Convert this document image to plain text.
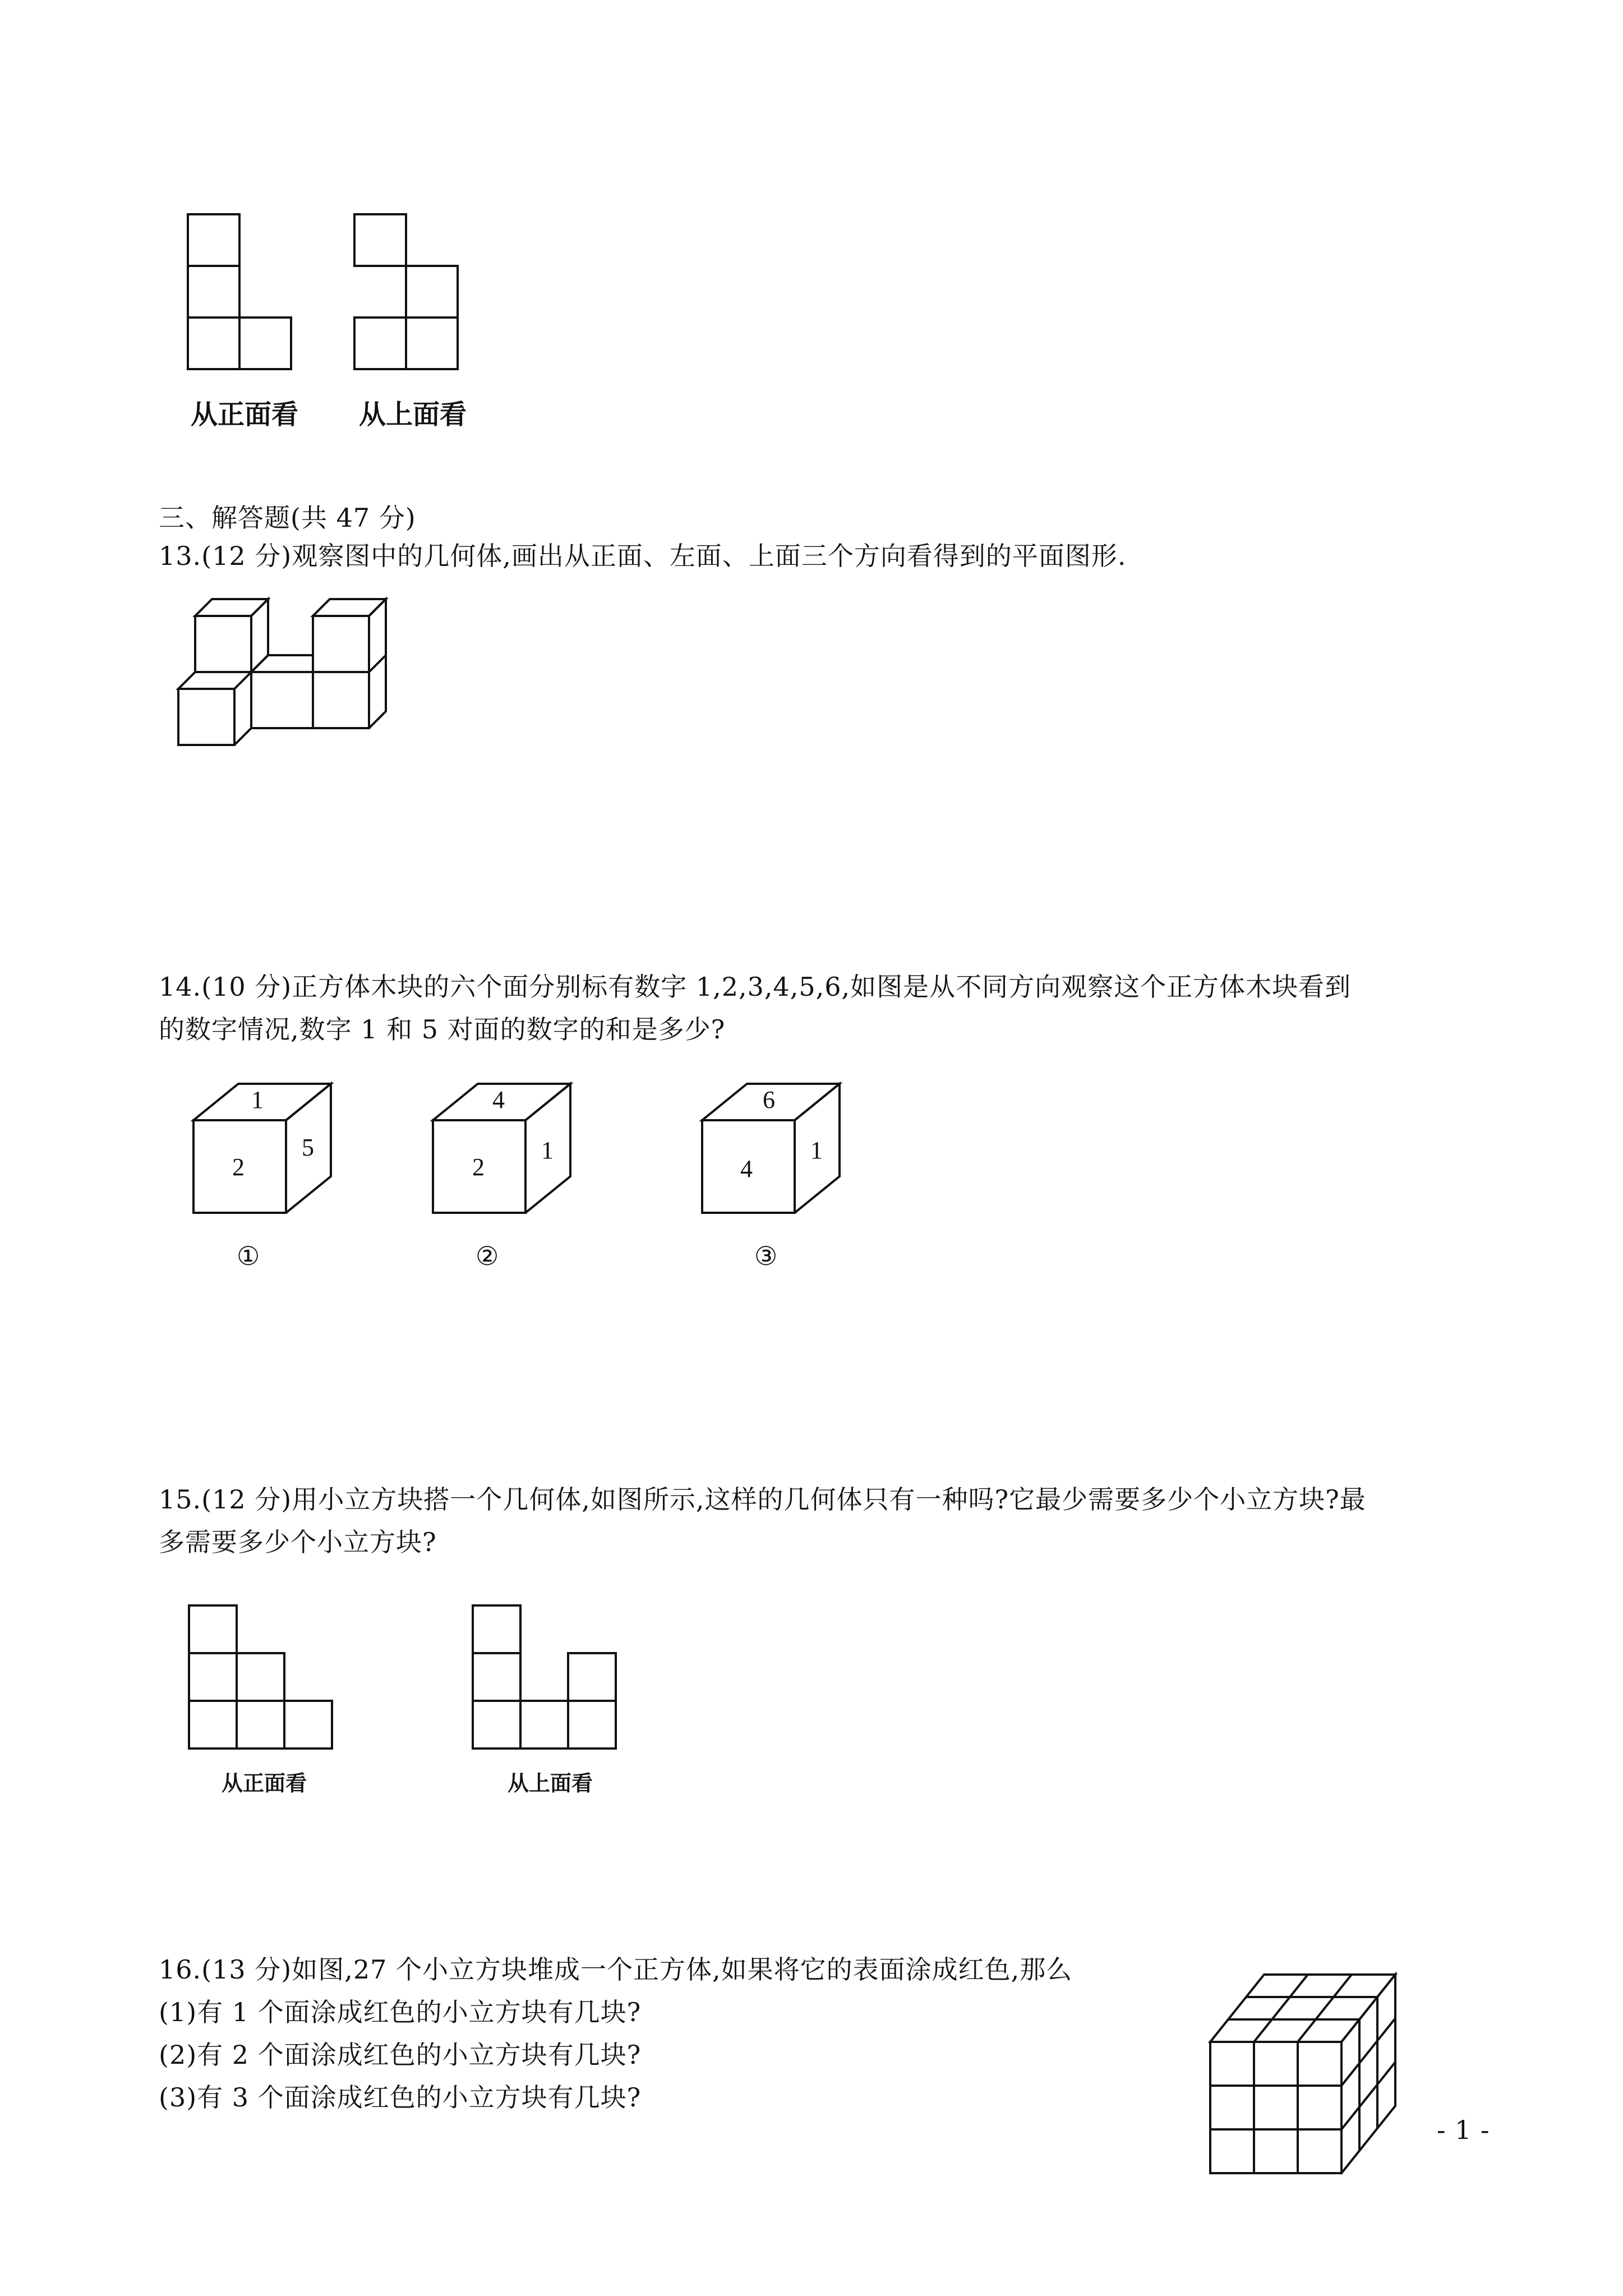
从正面看 从上面看
三、解答题(共 47 分)
13.(12 分)观察图中的几何体,画出从正面、左面、上面三个方向看得到的平面图形.
14.(10 分)正方体木块的六个面分别标有数字 1,2,3,4,5,6,如图是从不同方向观察这个正方体木块看到
的数字情况,数字 1 和 5 对面的数字的和是多少?
1
2
5
①
4
2
1
②
6
4
1
③
15.(12 分)用小立方块搭一个几何体,如图所示,这样的几何体只有一种吗?它最少需要多少个小立方块?最
多需要多少个小立方块?
从正面看	从上面看
16.(13 分)如图,27 个小立方块堆成一个正方体,如果将它的表面涂成红色,那么
(1)有 1 个面涂成红色的小立方块有几块?
(2)有 2 个面涂成红色的小立方块有几块?
(3)有 3 个面涂成红色的小立方块有几块?
- 1 -
